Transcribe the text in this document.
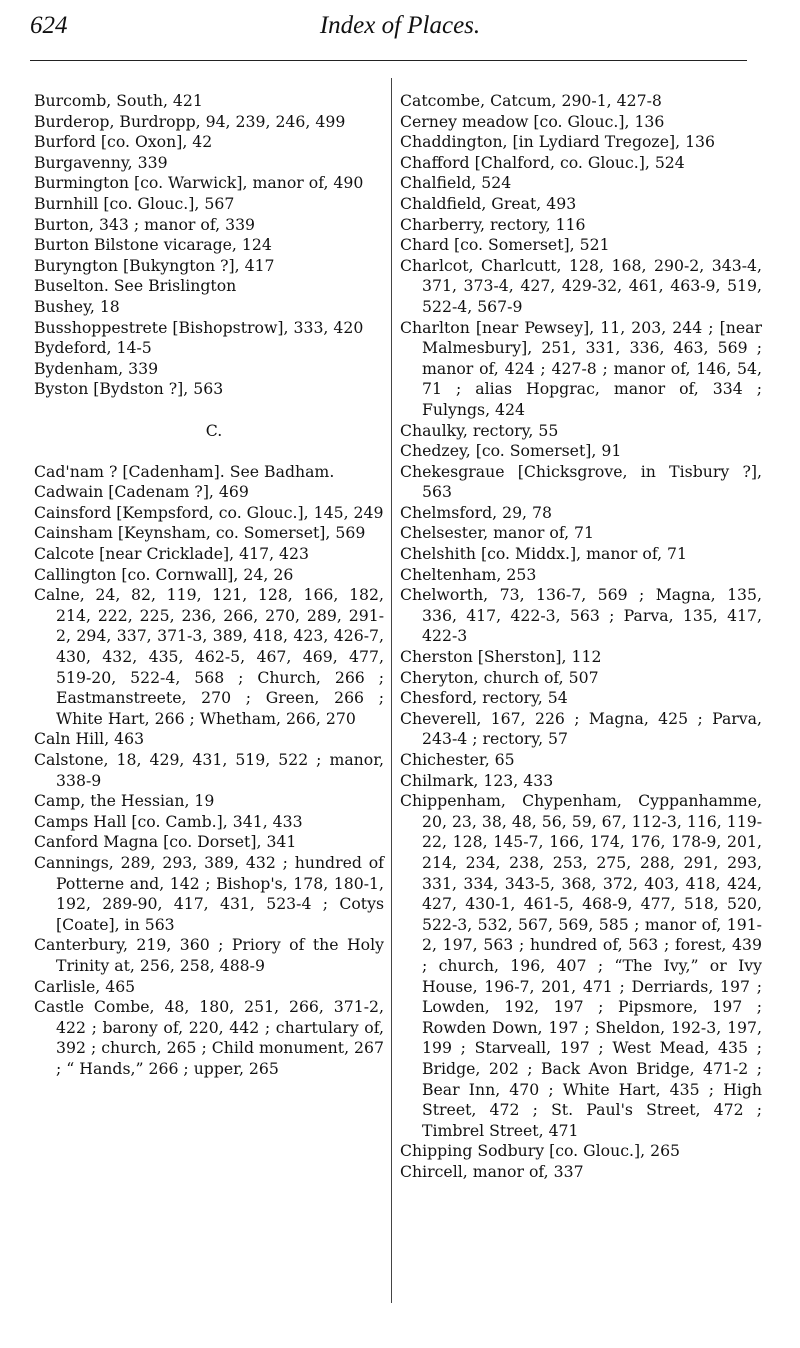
624	Index of Places.
Burcomb, South, 421
Burderop, Burdropp, 94, 239, 246, 499
Burford [co. Oxon], 42
Burgavenny, 339
Burmington [co. Warwick], manor of, 490
Burnhill [co. Glouc.], 567
Burton, 343 ; manor of, 339
Burton Bilstone vicarage, 124
Buryngton [Bukyngton ?], 417
Buselton. See Brislington
Bushey, 18
Busshoppestrete [Bishopstrow], 333, 420
Bydeford, 14-5
Bydenham, 339
Byston [Bydston ?], 563
C.
Cad'nam ? [Cadenham]. See Badham.
Cadwain [Cadenam ?], 469
Cainsford [Kempsford, co. Glouc.], 145, 249
Cainsham [Keynsham, co. Somerset], 569
Calcote [near Cricklade], 417, 423
Callington [co. Cornwall], 24, 26
Calne, 24, 82, 119, 121, 128, 166, 182, 214, 222, 225, 236, 266, 270, 289, 291-2, 294, 337, 371-3, 389, 418, 423, 426-7, 430, 432, 435, 462-5, 467, 469, 477, 519-20, 522-4, 568 ; Church, 266 ; Eastmanstreete, 270 ; Green, 266 ; White Hart, 266 ; Whetham, 266, 270
Caln Hill, 463
Calstone, 18, 429, 431, 519, 522 ; manor, 338-9
Camp, the Hessian, 19
Camps Hall [co. Camb.], 341, 433
Canford Magna [co. Dorset], 341
Cannings, 289, 293, 389, 432 ; hundred of Potterne and, 142 ; Bishop's, 178, 180-1, 192, 289-90, 417, 431, 523-4 ; Cotys [Coate], in 563
Canterbury, 219, 360 ; Priory of the Holy Trinity at, 256, 258, 488-9
Carlisle, 465
Castle Combe, 48, 180, 251, 266, 371-2, 422 ; barony of, 220, 442 ; chartulary of, 392 ; church, 265 ; Child monument, 267 ; “ Hands,” 266 ; upper, 265
Catcombe, Catcum, 290-1, 427-8
Cerney meadow [co. Glouc.], 136
Chaddington, [in Lydiard Tregoze], 136
Chafford [Chalford, co. Glouc.], 524
Chalfield, 524
Chaldfield, Great, 493
Charberry, rectory, 116
Chard [co. Somerset], 521
Charlcot, Charlcutt, 128, 168, 290-2, 343-4, 371, 373-4, 427, 429-32, 461, 463-9, 519, 522-4, 567-9
Charlton [near Pewsey], 11, 203, 244 ; [near Malmesbury], 251, 331, 336, 463, 569 ; manor of, 424 ; 427-8 ; manor of, 146, 54, 71 ; alias Hopgrac, manor of, 334 ; Fulyngs, 424
Chaulky, rectory, 55
Chedzey, [co. Somerset], 91
Chekesgraue [Chicksgrove, in Tisbury ?], 563
Chelmsford, 29, 78
Chelsester, manor of, 71
Chelshith [co. Middx.], manor of, 71
Cheltenham, 253
Chelworth, 73, 136-7, 569 ; Magna, 135, 336, 417, 422-3, 563 ; Parva, 135, 417, 422-3
Cherston [Sherston], 112
Cheryton, church of, 507
Chesford, rectory, 54
Cheverell, 167, 226 ; Magna, 425 ; Parva, 243-4 ; rectory, 57
Chichester, 65
Chilmark, 123, 433
Chippenham, Chypenham, Cyppanhamme, 20, 23, 38, 48, 56, 59, 67, 112-3, 116, 119-22, 128, 145-7, 166, 174, 176, 178-9, 201, 214, 234, 238, 253, 275, 288, 291, 293, 331, 334, 343-5, 368, 372, 403, 418, 424, 427, 430-1, 461-5, 468-9, 477, 518, 520, 522-3, 532, 567, 569, 585 ; manor of, 191-2, 197, 563 ; hundred of, 563 ; forest, 439 ; church, 196, 407 ; “The Ivy,” or Ivy House, 196-7, 201, 471 ; Derriards, 197 ; Lowden, 192, 197 ; Pipsmore, 197 ; Rowden Down, 197 ; Sheldon, 192-3, 197, 199 ; Starveall, 197 ; West Mead, 435 ; Bridge, 202 ; Back Avon Bridge, 471-2 ; Bear Inn, 470 ; White Hart, 435 ; High Street, 472 ; St. Paul's Street, 472 ; Timbrel Street, 471
Chipping Sodbury [co. Glouc.], 265
Chircell, manor of, 337
